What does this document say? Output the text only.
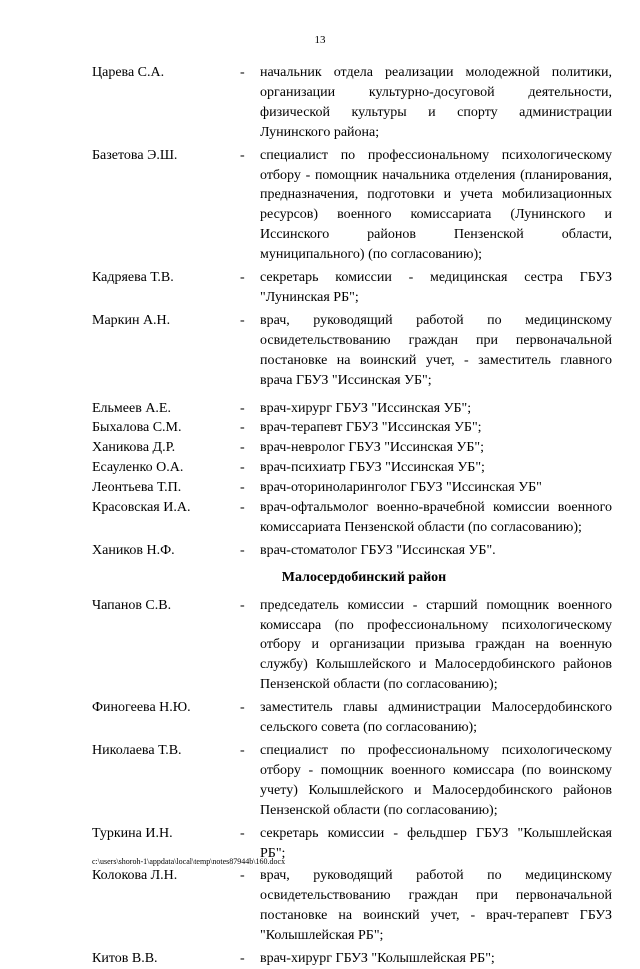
13
Царева С.А.	-	начальник отдела реализации молодежной политики, организации культурно-досуговой деятельности, физической культуры и спорту администрации Лунинского района;
Базетова Э.Ш.	-	специалист по профессиональному психологическому отбору - помощник начальника отделения (планирования, предназначения, подготовки и учета мобилизационных ресурсов) военного комиссариата (Лунинского и Иссинского районов Пензенской области, муниципального) (по согласованию);
Кадряева Т.В.	-	секретарь комиссии - медицинская сестра ГБУЗ "Лунинская РБ";
Маркин А.Н.	-	врач, руководящий работой по медицинскому освидетельствованию граждан при первоначальной постановке на воинский учет, - заместитель главного врача ГБУЗ "Иссинская УБ";
Ельмеев А.Е.	-	врач-хирург ГБУЗ "Иссинская УБ";
Быхалова С.М.	-	врач-терапевт ГБУЗ "Иссинская УБ";
Ханикова Д.Р.	-	врач-невролог ГБУЗ "Иссинская УБ";
Есауленко О.А.	-	врач-психиатр ГБУЗ "Иссинская УБ";
Леонтьева Т.П.	-	врач-оториноларинголог ГБУЗ "Иссинская УБ"
Красовская И.А.	-	врач-офтальмолог военно-врачебной комиссии военного комиссариата Пензенской области (по согласованию);
Хаников Н.Ф.	-	врач-стоматолог ГБУЗ "Иссинская УБ".
Малосердобинский район
Чапанов С.В.	-	председатель комиссии - старший помощник военного комиссара (по профессиональному психологическому отбору и организации призыва граждан на военную службу) Колышлейского и Малосердобинского районов Пензенской области (по согласованию);
Финогеева Н.Ю.	-	заместитель главы администрации Малосердобинского сельского совета (по согласованию);
Николаева Т.В.	-	специалист по профессиональному психологическому отбору - помощник военного комиссара (по воинскому учету) Колышлейского и Малосердобинского районов Пензенской области (по согласованию);
Туркина И.Н.	-	секретарь комиссии - фельдшер ГБУЗ "Колышлейская РБ";
Колокова Л.Н.	-	врач, руководящий работой по медицинскому освидетельствованию граждан при первоначальной постановке на воинский учет, - врач-терапевт ГБУЗ "Колышлейская РБ";
Китов В.В.	-	врач-хирург ГБУЗ "Колышлейская РБ";
c:\users\shoroh-1\appdata\local\temp\notes87944b\160.docx
